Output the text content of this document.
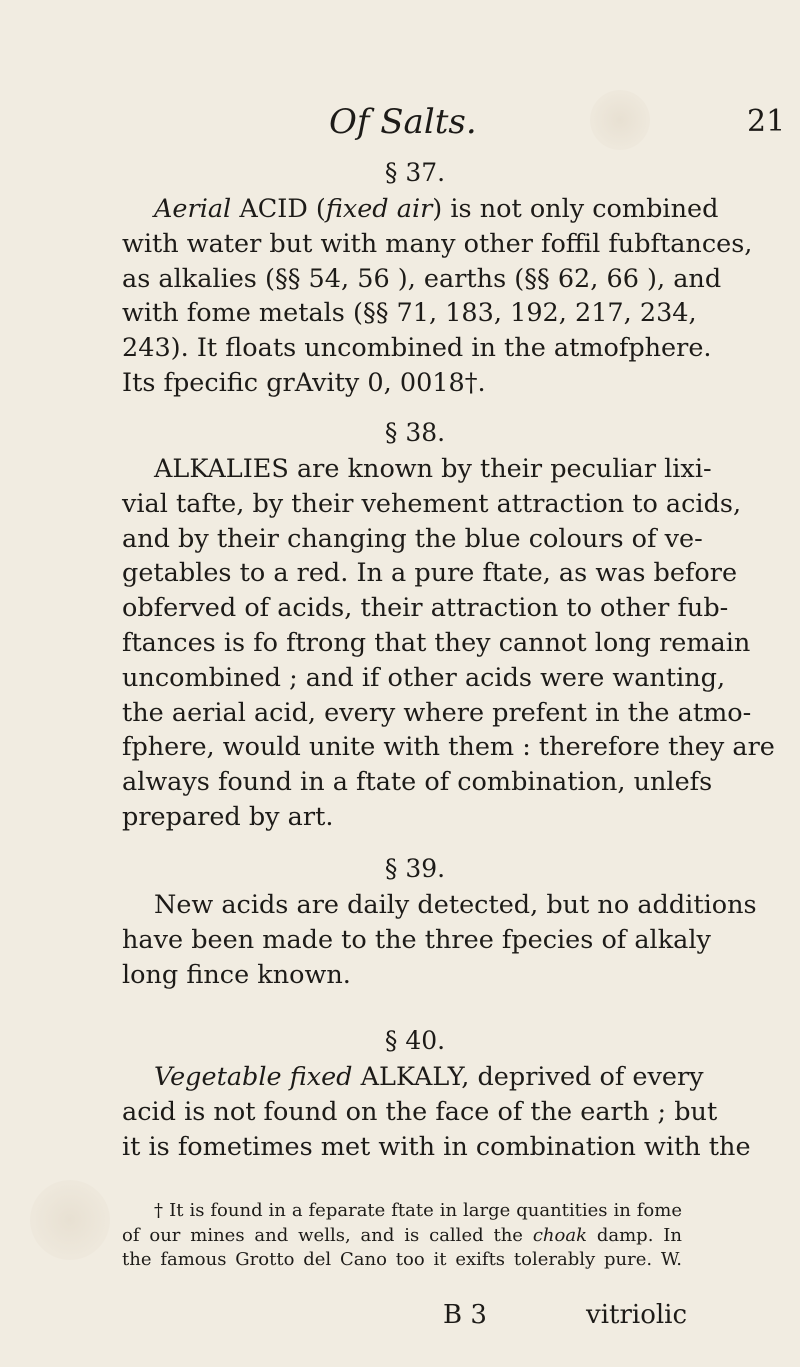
Of Salts.	21
§ 37.
Aerial ACID (fixed air) is not only combined
with water but with many other foffil fubftances,
as alkalies (§§ 54, 56 ), earths (§§ 62, 66 ), and
with fome metals (§§ 71, 183, 192, 217, 234,
243). It floats uncombined in the atmofphere.
Its fpecific grAvity 0, 0018†.
§ 38.
ALKALIES are known by their peculiar lixi-
vial tafte, by their vehement attraction to acids,
and by their changing the blue colours of ve-
getables to a red. In a pure ftate, as was before
obferved of acids, their attraction to other fub-
ftances is fo ftrong that they cannot long remain
uncombined ; and if other acids were wanting,
the aerial acid, every where prefent in the atmo-
fphere, would unite with them : therefore they are
always found in a ftate of combination, unlefs
prepared by art.
§ 39.
New acids are daily detected, but no additions
have been made to the three fpecies of alkaly
long fince known.
§ 40.
Vegetable fixed ALKALY, deprived of every
acid is not found on the face of the earth ; but
it is fometimes met with in combination with the
† It is found in a feparate ftate in large quantities in fome
of our mines and wells, and is called the choak damp. In
the famous Grotto del Cano too it exifts tolerably pure. W.
B 3	vitriolic
